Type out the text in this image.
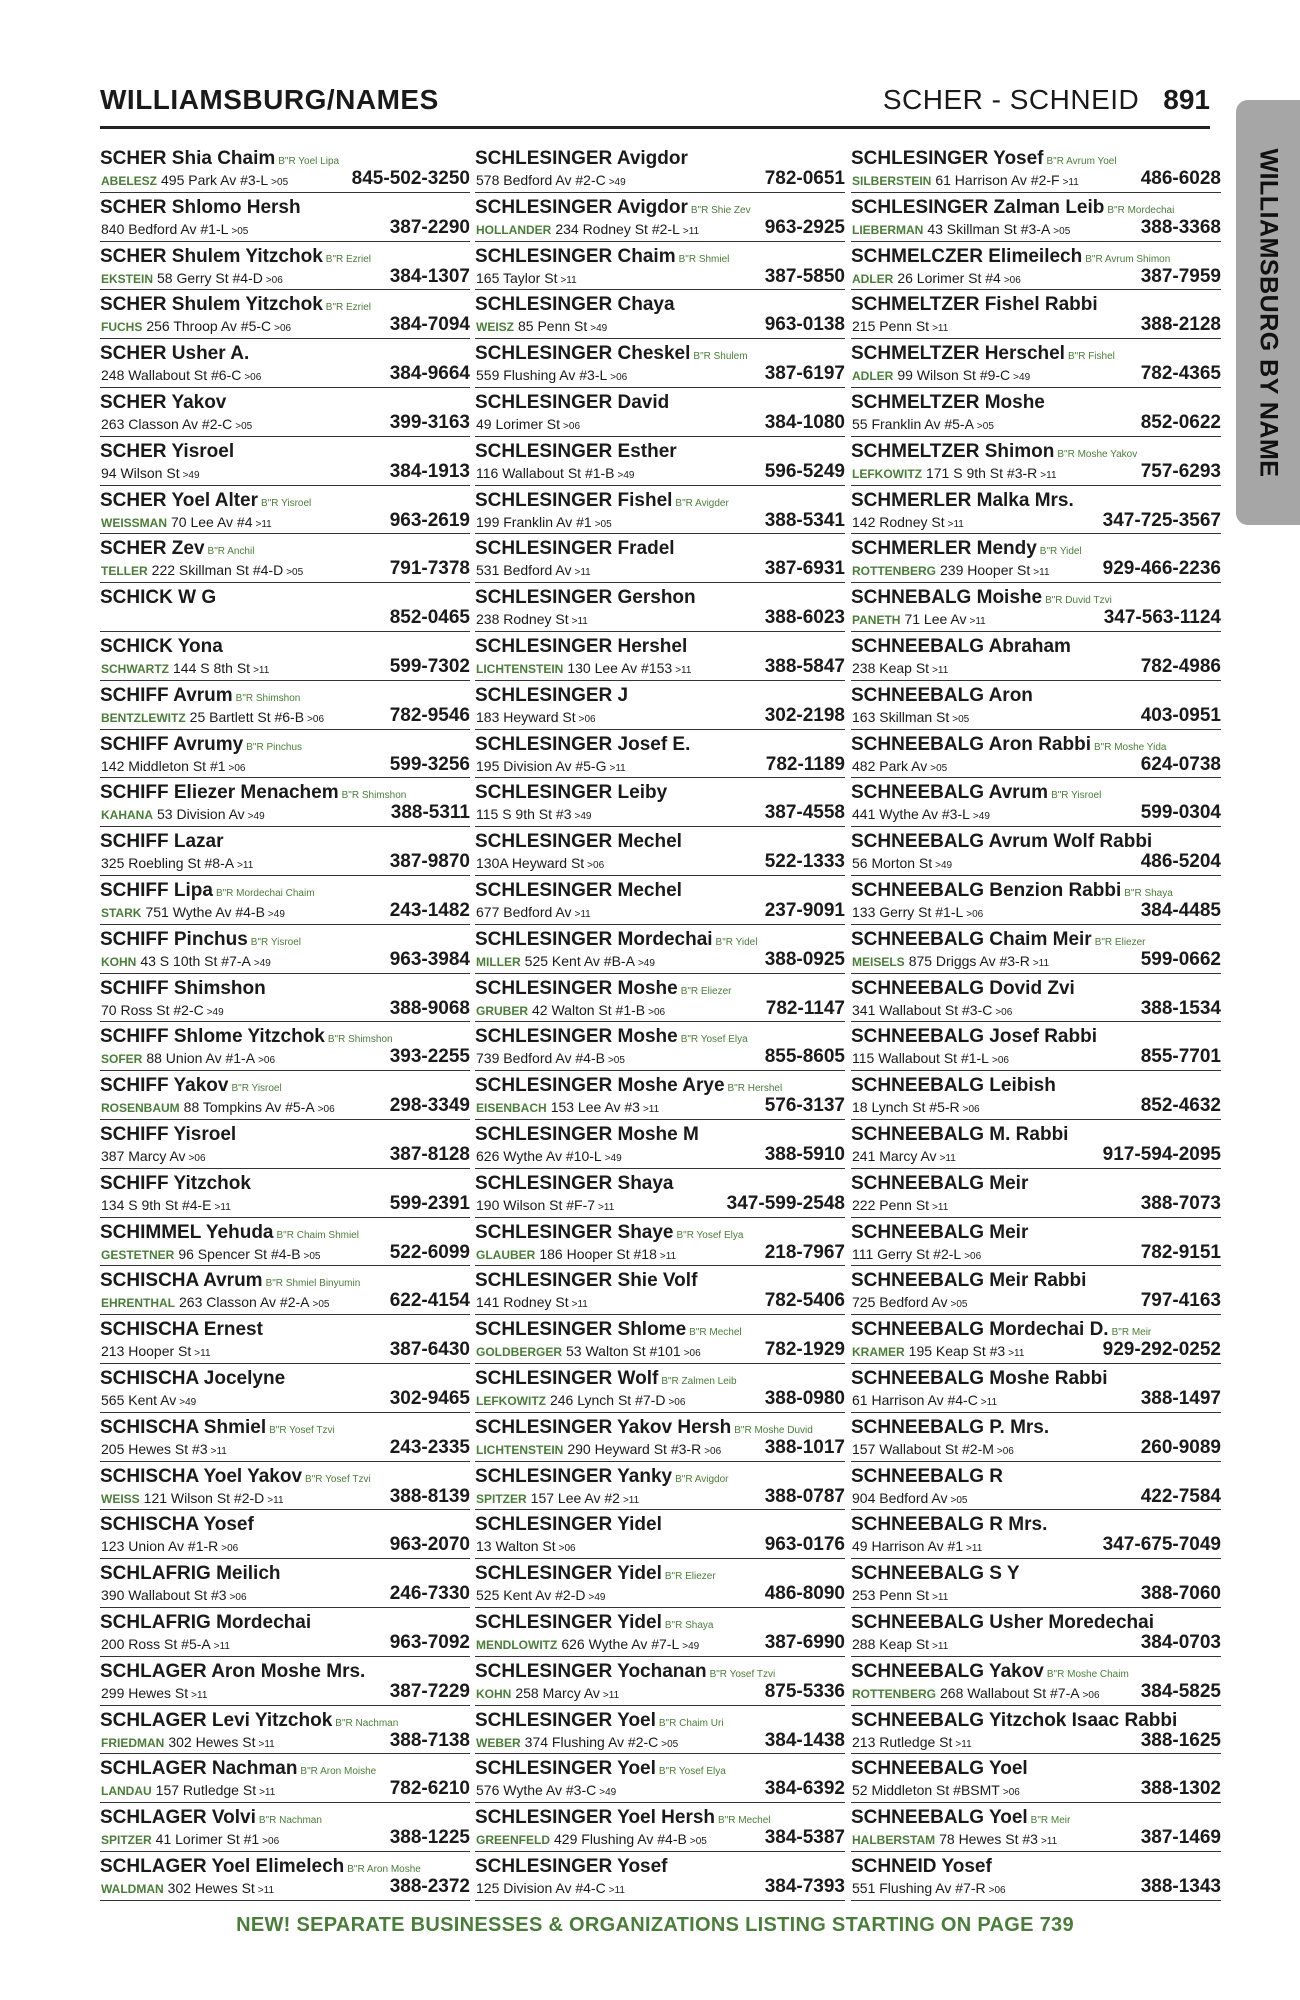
WILLIAMSBURG/NAMES	SCHER - SCHNEID 891
WILLIAMSBURG BY NAME
SCHER Shia Chaim B"R Yoel Lipa
ABELESZ 495 Park Av #3-L >05	845-502-3250
SCHER Shlomo Hersh
840 Bedford Av #1-L >05	387-2290
SCHER Shulem Yitzchok B"R Ezriel
EKSTEIN 58 Gerry St #4-D >06	384-1307
SCHER Shulem Yitzchok B"R Ezriel
FUCHS 256 Throop Av #5-C >06	384-7094
SCHER Usher A.
248 Wallabout St #6-C >06	384-9664
SCHER Yakov
263 Classon Av #2-C >05	399-3163
SCHER Yisroel
94 Wilson St >49	384-1913
SCHER Yoel Alter B"R Yisroel
WEISSMAN 70 Lee Av #4 >11	963-2619
SCHER Zev B"R Anchil
TELLER 222 Skillman St #4-D >05	791-7378
SCHICK W G
852-0465
SCHICK Yona
SCHWARTZ 144 S 8th St >11	599-7302
SCHIFF Avrum B"R Shimshon
BENTZLEWITZ 25 Bartlett St #6-B >06	782-9546
SCHIFF Avrumy B"R Pinchus
142 Middleton St #1 >06	599-3256
SCHIFF Eliezer Menachem B"R Shimshon
KAHANA 53 Division Av >49	388-5311
SCHIFF Lazar
325 Roebling St #8-A >11	387-9870
SCHIFF Lipa B"R Mordechai Chaim
STARK 751 Wythe Av #4-B >49	243-1482
SCHIFF Pinchus B"R Yisroel
KOHN 43 S 10th St #7-A >49	963-3984
SCHIFF Shimshon
70 Ross St #2-C >49	388-9068
SCHIFF Shlome Yitzchok B"R Shimshon
SOFER 88 Union Av #1-A >06	393-2255
SCHIFF Yakov B"R Yisroel
ROSENBAUM 88 Tompkins Av #5-A >06	298-3349
SCHIFF Yisroel
387 Marcy Av >06	387-8128
SCHIFF Yitzchok
134 S 9th St #4-E >11	599-2391
SCHIMMEL Yehuda B"R Chaim Shmiel
GESTETNER 96 Spencer St #4-B >05	522-6099
SCHISCHA Avrum B"R Shmiel Binyumin
EHRENTHAL 263 Classon Av #2-A >05	622-4154
SCHISCHA Ernest
213 Hooper St >11	387-6430
SCHISCHA Jocelyne
565 Kent Av >49	302-9465
SCHISCHA Shmiel B"R Yosef Tzvi
205 Hewes St #3 >11	243-2335
SCHISCHA Yoel Yakov B"R Yosef Tzvi
WEISS 121 Wilson St #2-D >11	388-8139
SCHISCHA Yosef
123 Union Av #1-R >06	963-2070
SCHLAFRIG Meilich
390 Wallabout St #3 >06	246-7330
SCHLAFRIG Mordechai
200 Ross St #5-A >11	963-7092
SCHLAGER Aron Moshe Mrs.
299 Hewes St >11	387-7229
SCHLAGER Levi Yitzchok B"R Nachman
FRIEDMAN 302 Hewes St >11	388-7138
SCHLAGER Nachman B"R Aron Moishe
LANDAU 157 Rutledge St >11	782-6210
SCHLAGER Volvi B"R Nachman
SPITZER 41 Lorimer St #1 >06	388-1225
SCHLAGER Yoel Elimelech B"R Aron Moshe
WALDMAN 302 Hewes St >11	388-2372
SCHLESINGER Avigdor
578 Bedford Av #2-C >49	782-0651
SCHLESINGER Avigdor B"R Shie Zev
HOLLANDER 234 Rodney St #2-L >11	963-2925
SCHLESINGER Chaim B"R Shmiel
165 Taylor St >11	387-5850
SCHLESINGER Chaya
WEISZ 85 Penn St >49	963-0138
SCHLESINGER Cheskel B"R Shulem
559 Flushing Av #3-L >06	387-6197
SCHLESINGER David
49 Lorimer St >06	384-1080
SCHLESINGER Esther
116 Wallabout St #1-B >49	596-5249
SCHLESINGER Fishel B"R Avigder
199 Franklin Av #1 >05	388-5341
SCHLESINGER Fradel
531 Bedford Av >11	387-6931
SCHLESINGER Gershon
238 Rodney St >11	388-6023
SCHLESINGER Hershel
LICHTENSTEIN 130 Lee Av #153 >11	388-5847
SCHLESINGER J
183 Heyward St >06	302-2198
SCHLESINGER Josef E.
195 Division Av #5-G >11	782-1189
SCHLESINGER Leiby
115 S 9th St #3 >49	387-4558
SCHLESINGER Mechel
130A Heyward St >06	522-1333
SCHLESINGER Mechel
677 Bedford Av >11	237-9091
SCHLESINGER Mordechai B"R Yidel
MILLER 525 Kent Av #B-A >49	388-0925
SCHLESINGER Moshe B"R Eliezer
GRUBER 42 Walton St #1-B >06	782-1147
SCHLESINGER Moshe B"R Yosef Elya
739 Bedford Av #4-B >05	855-8605
SCHLESINGER Moshe Arye B"R Hershel
EISENBACH 153 Lee Av #3 >11	576-3137
SCHLESINGER Moshe M
626 Wythe Av #10-L >49	388-5910
SCHLESINGER Shaya
190 Wilson St #F-7 >11	347-599-2548
SCHLESINGER Shaye B"R Yosef Elya
GLAUBER 186 Hooper St #18 >11	218-7967
SCHLESINGER Shie Volf
141 Rodney St >11	782-5406
SCHLESINGER Shlome B"R Mechel
GOLDBERGER 53 Walton St #101 >06	782-1929
SCHLESINGER Wolf B"R Zalmen Leib
LEFKOWITZ 246 Lynch St #7-D >06	388-0980
SCHLESINGER Yakov Hersh B"R Moshe Duvid
LICHTENSTEIN 290 Heyward St #3-R >06 388-1017
SCHLESINGER Yanky B"R Avigdor
SPITZER 157 Lee Av #2 >11	388-0787
SCHLESINGER Yidel
13 Walton St >06	963-0176
SCHLESINGER Yidel B"R Eliezer
525 Kent Av #2-D >49	486-8090
SCHLESINGER Yidel B"R Shaya
MENDLOWITZ 626 Wythe Av #7-L >49	387-6990
SCHLESINGER Yochanan B"R Yosef Tzvi
KOHN 258 Marcy Av >11	875-5336
SCHLESINGER Yoel B"R Chaim Uri
WEBER 374 Flushing Av #2-C >05	384-1438
SCHLESINGER Yoel B"R Yosef Elya
576 Wythe Av #3-C >49	384-6392
SCHLESINGER Yoel Hersh B"R Mechel
GREENFELD 429 Flushing Av #4-B >05	384-5387
SCHLESINGER Yosef
125 Division Av #4-C >11	384-7393
SCHLESINGER Yosef B"R Avrum Yoel
SILBERSTEIN 61 Harrison Av #2-F >11	486-6028
SCHLESINGER Zalman Leib B"R Mordechai
LIEBERMAN 43 Skillman St #3-A >05	388-3368
SCHMELCZER Elimeilech B"R Avrum Shimon
ADLER 26 Lorimer St #4 >06	387-7959
SCHMELTZER Fishel Rabbi
215 Penn St >11	388-2128
SCHMELTZER Herschel B"R Fishel
ADLER 99 Wilson St #9-C >49	782-4365
SCHMELTZER Moshe
55 Franklin Av #5-A >05	852-0622
SCHMELTZER Shimon B"R Moshe Yakov
LEFKOWITZ 171 S 9th St #3-R >11	757-6293
SCHMERLER Malka Mrs.
142 Rodney St >11	347-725-3567
SCHMERLER Mendy B"R Yidel
ROTTENBERG 239 Hooper St >11	929-466-2236
SCHNEBALG Moishe B"R Duvid Tzvi
PANETH 71 Lee Av >11	347-563-1124
SCHNEEBALG Abraham
238 Keap St >11	782-4986
SCHNEEBALG Aron
163 Skillman St >05	403-0951
SCHNEEBALG Aron Rabbi B"R Moshe Yida
482 Park Av >05	624-0738
SCHNEEBALG Avrum B"R Yisroel
441 Wythe Av #3-L >49	599-0304
SCHNEEBALG Avrum Wolf Rabbi
56 Morton St >49	486-5204
SCHNEEBALG Benzion Rabbi B"R Shaya
133 Gerry St #1-L >06	384-4485
SCHNEEBALG Chaim Meir B"R Eliezer
MEISELS 875 Driggs Av #3-R >11	599-0662
SCHNEEBALG Dovid Zvi
341 Wallabout St #3-C >06	388-1534
SCHNEEBALG Josef Rabbi
115 Wallabout St #1-L >06	855-7701
SCHNEEBALG Leibish
18 Lynch St #5-R >06	852-4632
SCHNEEBALG M. Rabbi
241 Marcy Av >11	917-594-2095
SCHNEEBALG Meir
222 Penn St >11	388-7073
SCHNEEBALG Meir
111 Gerry St #2-L >06	782-9151
SCHNEEBALG Meir Rabbi
725 Bedford Av >05	797-4163
SCHNEEBALG Mordechai D. B"R Meir
KRAMER 195 Keap St #3 >11	929-292-0252
SCHNEEBALG Moshe Rabbi
61 Harrison Av #4-C >11	388-1497
SCHNEEBALG P. Mrs.
157 Wallabout St #2-M >06	260-9089
SCHNEEBALG R
904 Bedford Av >05	422-7584
SCHNEEBALG R Mrs.
49 Harrison Av #1 >11	347-675-7049
SCHNEEBALG S Y
253 Penn St >11	388-7060
SCHNEEBALG Usher Moredechai
288 Keap St >11	384-0703
SCHNEEBALG Yakov B"R Moshe Chaim
ROTTENBERG 268 Wallabout St #7-A >06 384-5825
SCHNEEBALG Yitzchok Isaac Rabbi
213 Rutledge St >11	388-1625
SCHNEEBALG Yoel
52 Middleton St #BSMT >06	388-1302
SCHNEEBALG Yoel B"R Meir
HALBERSTAM 78 Hewes St #3 >11	387-1469
SCHNEID Yosef
551 Flushing Av #7-R >06	388-1343
NEW! SEPARATE BUSINESSES & ORGANIZATIONS LISTING STARTING ON PAGE 739
